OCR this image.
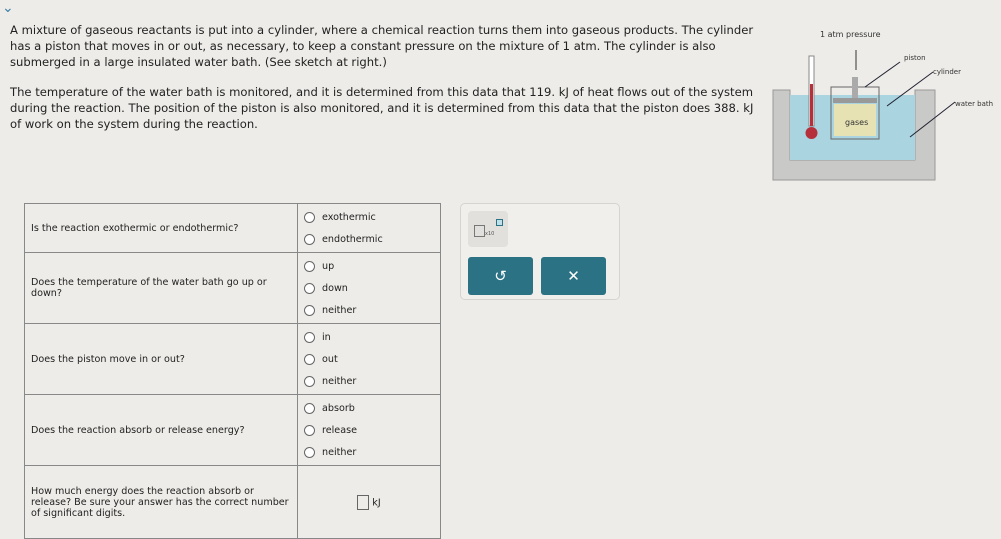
⌄
A mixture of gaseous reactants is put into a cylinder, where a chemical reaction turns them into gaseous products. The cylinder has a piston that moves in or out, as necessary, to keep a constant pressure on the mixture of 1 atm. The cylinder is also submerged in a large insulated water bath. (See sketch at right.)
The temperature of the water bath is monitored, and it is determined from this data that 119. kJ of heat flows out of the system during the reaction. The position of the piston is also monitored, and it is determined from this data that the piston does 388. kJ of work on the system during the reaction.
1 atm pressure
piston
cylinder
water bath
gases
Is the reaction exothermic or endothermic?	exothermic
endothermic

Does the temperature of the water bath go up or down?	up
down
neither

Does the piston move in or out?	in
out
neither

Does the reaction absorb or release energy?	absorb
release
neither

How much energy does the reaction absorb or release? Be sure your answer has the correct number of significant digits.	kJ
x10
↺	✕
